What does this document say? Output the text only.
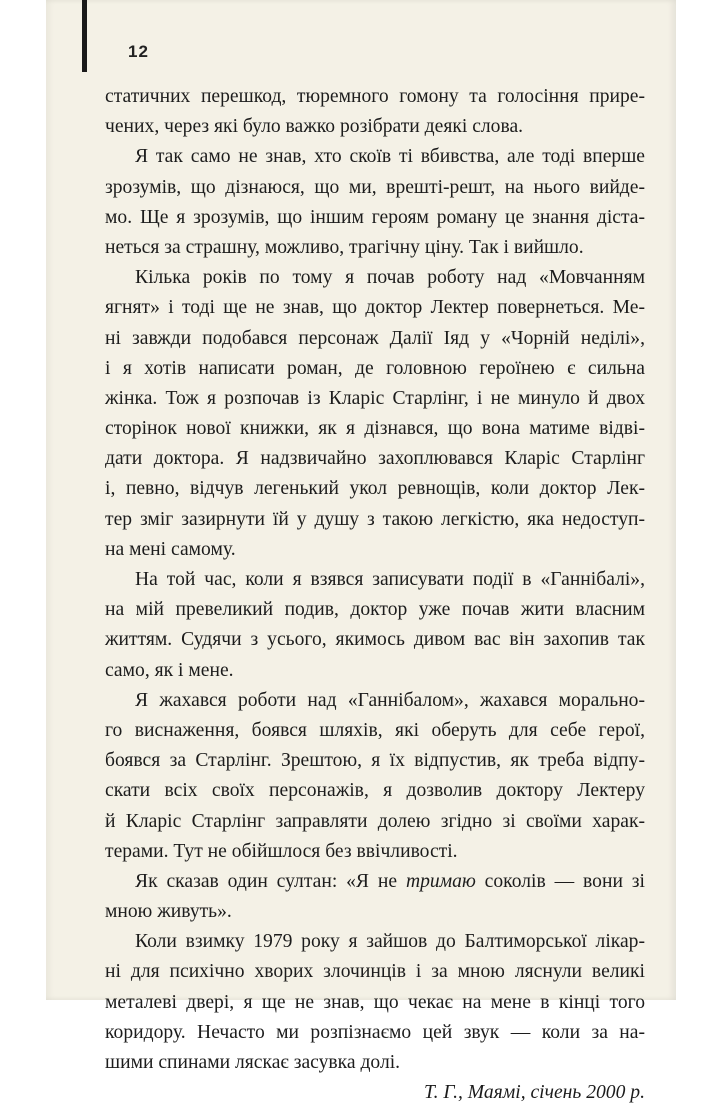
12
статичних перешкод, тюремного гомону та голосіння прире-
чених, через які було важко розібрати деякі слова.
Я так само не знав, хто скоїв ті вбивства, але тоді вперше
зрозумів, що дізнаюся, що ми, врешті-решт, на нього вийде-
мо. Ще я зрозумів, що іншим героям роману це знання діста-
неться за страшну, можливо, трагічну ціну. Так і вийшло.
Кілька років по тому я почав роботу над «Мовчанням
ягнят» і тоді ще не знав, що доктор Лектер повернеться. Ме-
ні завжди подобався персонаж Далії Іяд у «Чорній неділі»,
і я хотів написати роман, де головною героїнею є сильна
жінка. Тож я розпочав із Кларіс Старлінг, і не минуло й двох
сторінок нової книжки, як я дізнався, що вона матиме відві-
дати доктора. Я надзвичайно захоплювався Кларіс Старлінг
і, певно, відчув легенький укол ревнощів, коли доктор Лек-
тер зміг зазирнути їй у душу з такою легкістю, яка недоступ-
на мені самому.
На той час, коли я взявся записувати події в «Ганнібалі»,
на мій превеликий подив, доктор уже почав жити власним
життям. Судячи з усього, якимось дивом вас він захопив так
само, як і мене.
Я жахався роботи над «Ганнібалом», жахався морально-
го виснаження, боявся шляхів, які оберуть для себе герої,
боявся за Старлінг. Зрештою, я їх відпустив, як треба відпу-
скати всіх своїх персонажів, я дозволив доктору Лектеру
й Кларіс Старлінг заправляти долею згідно зі своїми харак-
терами. Тут не обійшлося без ввічливості.
Як сказав один султан: «Я не тримаю соколів — вони зі
мною живуть».
Коли взимку 1979 року я зайшов до Балтиморської лікар-
ні для психічно хворих злочинців і за мною ляснули великі
металеві двері, я ще не знав, що чекає на мене в кінці того
коридору. Нечасто ми розпізнаємо цей звук — коли за на-
шими спинами ляскає засувка долі.
Т. Г., Маямі, січень 2000 р.
